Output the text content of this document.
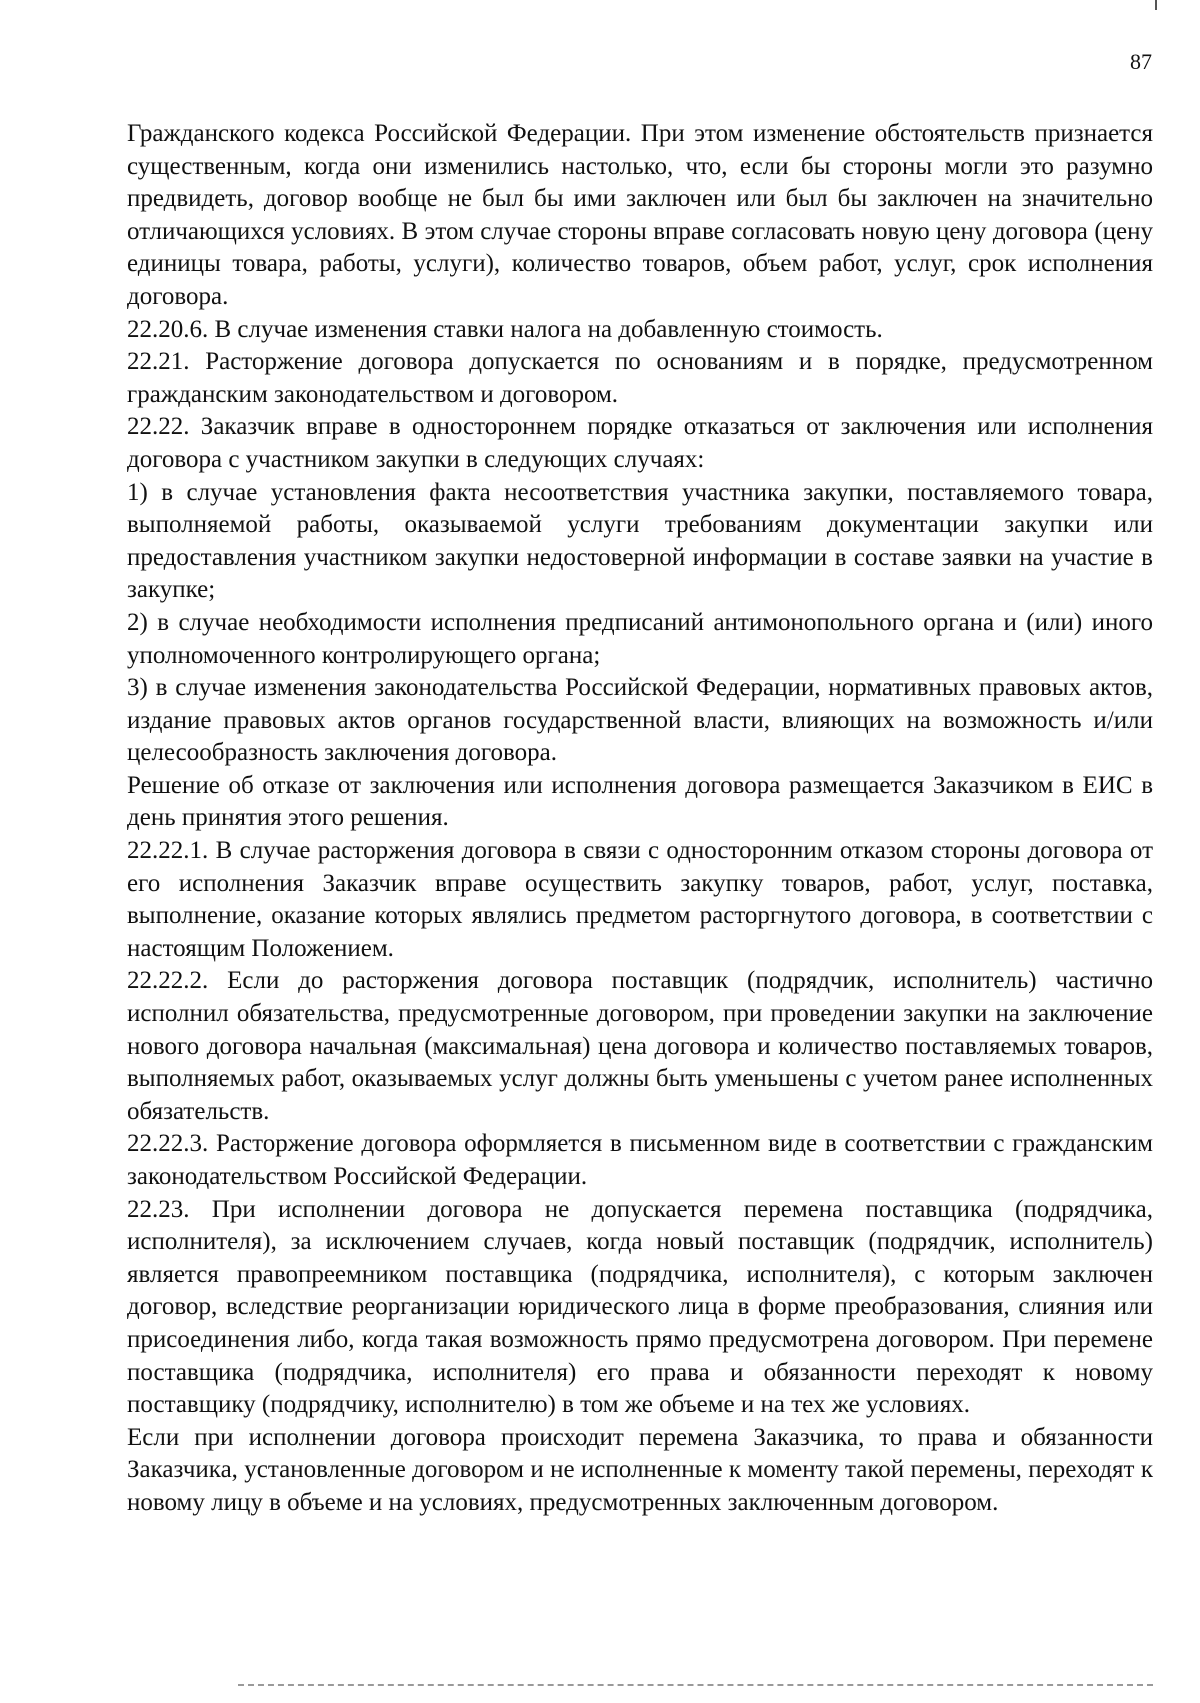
87

Гражданского кодекса Российской Федерации. При этом изменение обстоятельств признается существенным, когда они изменились настолько, что, если бы стороны могли это разумно предвидеть, договор вообще не был бы ими заключен или был бы заключен на значительно отличающихся условиях. В этом случае стороны вправе согласовать новую цену договора (цену единицы товара, работы, услуги), количество товаров, объем работ, услуг, срок исполнения договора.

22.20.6. В случае изменения ставки налога на добавленную стоимость.

22.21. Расторжение договора допускается по основаниям и в порядке, предусмотренном гражданским законодательством и договором.

22.22. Заказчик вправе в одностороннем порядке отказаться от заключения или исполнения договора с участником закупки в следующих случаях:

1) в случае установления факта несоответствия участника закупки, поставляемого товара, выполняемой работы, оказываемой услуги требованиям документации закупки или предоставления участником закупки недостоверной информации в составе заявки на участие в закупке;

2) в случае необходимости исполнения предписаний антимонопольного органа и (или) иного уполномоченного контролирующего органа;

3) в случае изменения законодательства Российской Федерации, нормативных правовых актов, издание правовых актов органов государственной власти, влияющих на возможность и/или целесообразность заключения договора.

Решение об отказе от заключения или исполнения договора размещается Заказчиком в ЕИС в день принятия этого решения.

22.22.1. В случае расторжения договора в связи с односторонним отказом стороны договора от его исполнения Заказчик вправе осуществить закупку товаров, работ, услуг, поставка, выполнение, оказание которых являлись предметом расторгнутого договора, в соответствии с настоящим Положением.

22.22.2. Если до расторжения договора поставщик (подрядчик, исполнитель) частично исполнил обязательства, предусмотренные договором, при проведении закупки на заключение нового договора начальная (максимальная) цена договора и количество поставляемых товаров, выполняемых работ, оказываемых услуг должны быть уменьшены с учетом ранее исполненных обязательств.

22.22.3. Расторжение договора оформляется в письменном виде в соответствии с гражданским законодательством Российской Федерации.

22.23. При исполнении договора не допускается перемена поставщика (подрядчика, исполнителя), за исключением случаев, когда новый поставщик (подрядчик, исполнитель) является правопреемником поставщика (подрядчика, исполнителя), с которым заключен договор, вследствие реорганизации юридического лица в форме преобразования, слияния или присоединения либо, когда такая возможность прямо предусмотрена договором. При перемене поставщика (подрядчика, исполнителя) его права и обязанности переходят к новому поставщику (подрядчику, исполнителю) в том же объеме и на тех же условиях.

Если при исполнении договора происходит перемена Заказчика, то права и обязанности Заказчика, установленные договором и не исполненные к моменту такой перемены, переходят к новому лицу в объеме и на условиях, предусмотренных заключенным договором.
